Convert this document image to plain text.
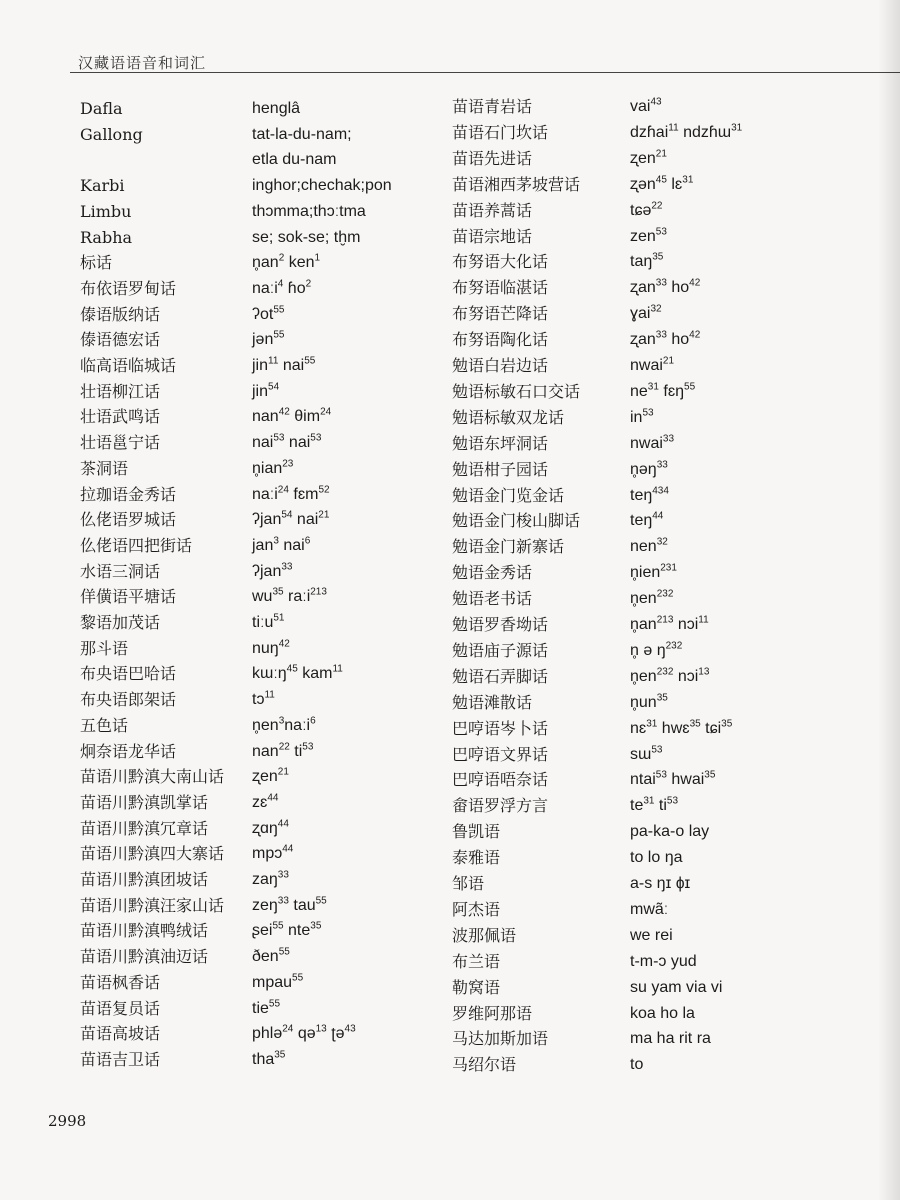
汉藏语语音和词汇
Dafla
Gallong
Karbi
Limbu
Rabha
标话
布依语罗甸话
傣语版纳话
傣语德宏话
临高语临城话
壮语柳江话
壮语武鸣话
壮语邕宁话
茶洞语
拉珈语金秀话
仫佬语罗城话
仫佬语四把街话
水语三洞话
佯僙语平塘话
黎语加茂话
那斗语
布央语巴哈话
布央语郎架话
五色话
炯奈语龙华话
苗语川黔滇大南山话
苗语川黔滇凯掌话
苗语川黔滇冗章话
苗语川黔滇四大寨话
苗语川黔滇团坡话
苗语川黔滇汪家山话
苗语川黔滇鸭绒话
苗语川黔滇油迈话
苗语枫香话
苗语复员话
苗语高坡话
苗语吉卫话
henglâ
tat-la-du-nam;
etla du-nam
inghor;chechak;pon
thɔmma;thɔːtma
se; sok-se; tḫm
$n̥an^2$ ken$^1$
naːi$^4$ ɦo$^2$
ʔot$^{55}$
jən$^{55}$
jin$^{11}$ nai$^{55}$
jin$^{54}$
nan$^{42}$ θim$^{24}$
nai$^{53}$ nai$^{53}$
n̥ian$^{23}$
naːi$^{24}$ fɛm$^{52}$
ʔjan$^{54}$ nai$^{21}$
jan$^3$ nai$^6$
ʔjan$^{33}$
$wu^{35}$ raːi$^{213}$
tiːu$^{51}$
nuŋ$^{42}$
kɯːŋ$^{45}$ kam$^{11}$
tɔ$^{11}$
$n̥en^3naːi^6$
nan$^{22}$ $ti^{53}$
ʐen$^{21}$
zɛ$^{44}$
ʐɑŋ$^{44}$
mpɔ$^{44}$
zaŋ$^{33}$
zeŋ$^{33}$ tau$^{55}$
ʂei$^{55}$ nte$^{35}$
ðen$^{55}$
mpau$^{55}$
tie$^{55}$
phlə$^{24}$ qə$^{13}$ ʈə$^{43}$
tha$^{35}$
苗语青岩话
苗语石门坎话
苗语先进话
苗语湘西茅坡营话
苗语养蒿话
苗语宗地话
布努语大化话
布努语临湛话
布努语芒降话
布努语陶化话
勉语白岩边话
勉语标敏石口交话
勉语标敏双龙话
勉语东坪洞话
勉语柑子园话
勉语金门览金话
勉语金门梭山脚话
勉语金门新寨话
勉语金秀话
勉语老书话
勉语罗香坳话
勉语庙子源话
勉语石弄脚话
勉语滩散话
巴哼语岑卜话
巴哼语文界话
巴哼语唔奈话
畲语罗浮方言
鲁凯语
泰雅语
邹语
阿杰语
波那佩语
布兰语
勒窝语
罗维阿那语
马达加斯加语
马绍尔语
vai$^{43}$
dzɦai$^{11}$ ndzɦɯ$^{31}$
ʐen$^{21}$
ʐən$^{45}$ lɛ$^{31}$
tɕə$^{22}$
zen$^{53}$
taŋ$^{35}$
ʐan$^{33}$ $ho^{42}$
ɣai$^{32}$
ʐan$^{33}$ $ho^{42}$
nwai$^{21}$
$ne^{31}$ fɛŋ$^{55}$
$in^{53}$
nwai$^{33}$
n̥əŋ$^{33}$
teŋ$^{434}$
teŋ$^{44}$
nen$^{32}$
n̥ien$^{231}$
$n̥en^{232}$
$n̥an^{213}$ nɔi$^{11}$
n̥ ə $ŋ^{232}$
$n̥en^{232}$ nɔi$^{13}$
$n̥un^{35}$
nɛ$^{31}$ hwɛ$^{35}$ tɕi$^{35}$
sɯ$^{53}$
ntai$^{53}$ hwai$^{35}$
$te^{31}$ $ti^{53}$
pa-ka-o lay
to lo ŋa
a-s ŋɪ ɸɪ
mwãː
we rei
t-m-ɔ yud
su yam via vi
koa ho la
ma ha rit ra
to
2998
